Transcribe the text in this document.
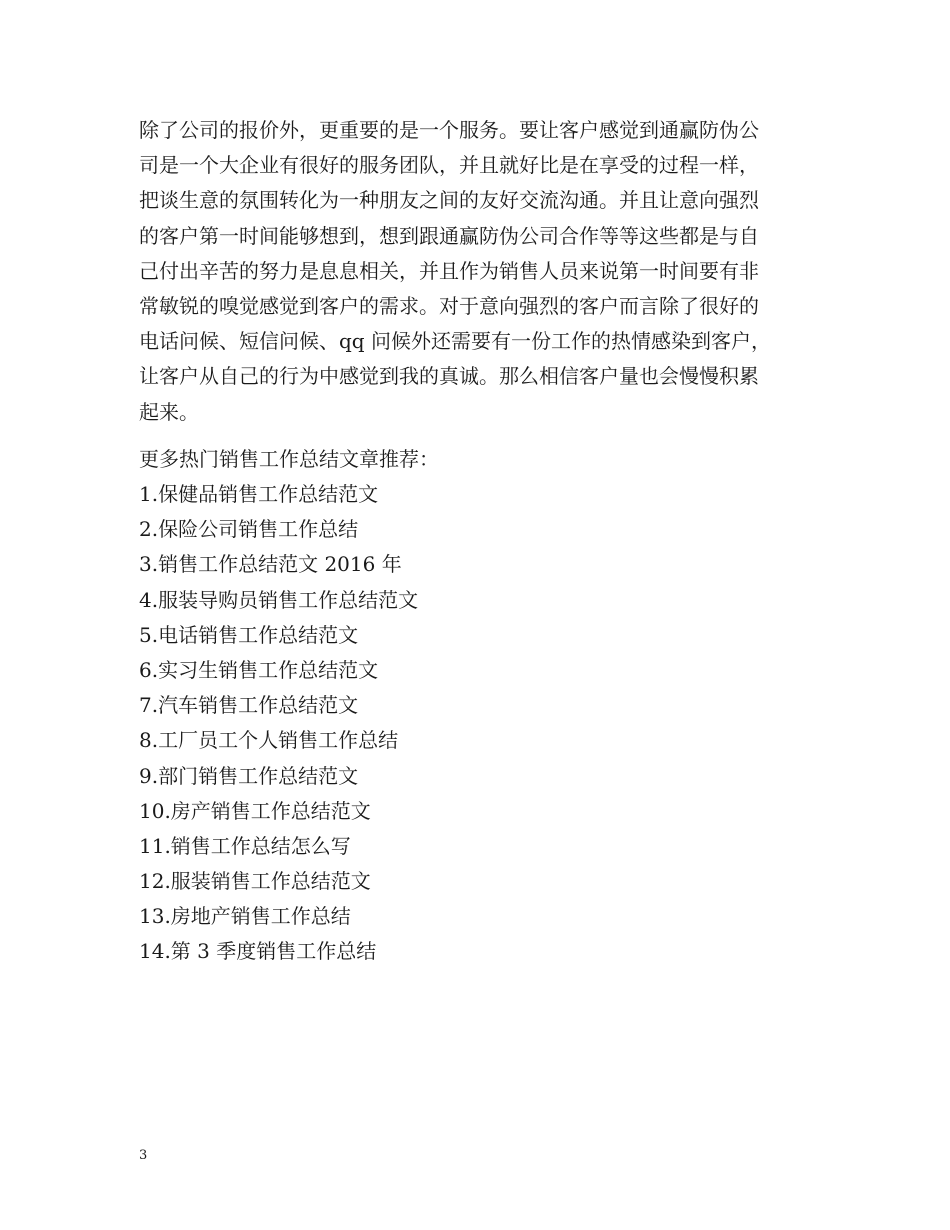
除了公司的报价外，更重要的是一个服务。要让客户感觉到通赢防伪公
司是一个大企业有很好的服务团队，并且就好比是在享受的过程一样，
把谈生意的氛围转化为一种朋友之间的友好交流沟通。并且让意向强烈
的客户第一时间能够想到，想到跟通赢防伪公司合作等等这些都是与自
己付出辛苦的努力是息息相关，并且作为销售人员来说第一时间要有非
常敏锐的嗅觉感觉到客户的需求。对于意向强烈的客户而言除了很好的
电话问候、短信问候、qq 问候外还需要有一份工作的热情感染到客户，
让客户从自己的行为中感觉到我的真诚。那么相信客户量也会慢慢积累
起来。

更多热门销售工作总结文章推荐：

1.保健品销售工作总结范文
2.保险公司销售工作总结
3.销售工作总结范文 2016 年
4.服装导购员销售工作总结范文
5.电话销售工作总结范文
6.实习生销售工作总结范文
7.汽车销售工作总结范文
8.工厂员工个人销售工作总结
9.部门销售工作总结范文
10.房产销售工作总结范文
11.销售工作总结怎么写
12.服装销售工作总结范文
13.房地产销售工作总结
14.第 3 季度销售工作总结
3
